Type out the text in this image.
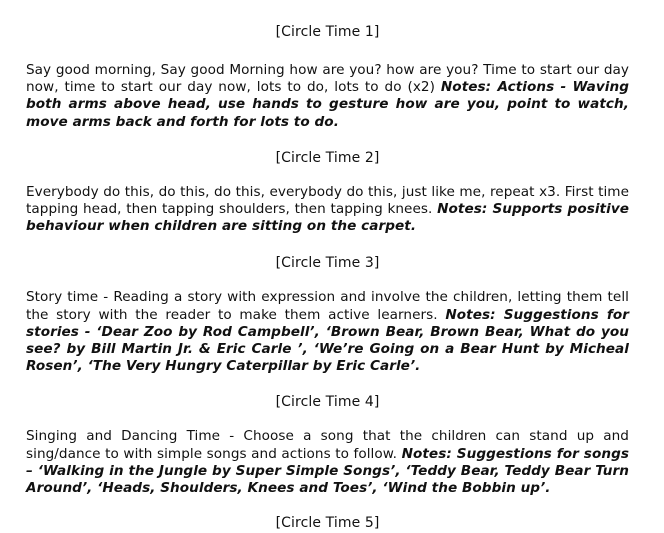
[Circle Time 1]

Say good morning, Say good Morning how are you? how are you? Time to start our day now, time to start our day now, lots to do, lots to do (x2) Notes: Actions - Waving both arms above head, use hands to gesture how are you, point to watch, move arms back and forth for lots to do.

[Circle Time 2]

Everybody do this, do this, do this, everybody do this, just like me, repeat x3. First time tapping head, then tapping shoulders, then tapping knees. Notes: Supports positive behaviour when children are sitting on the carpet.

[Circle Time 3]

Story time - Reading a story with expression and involve the children, letting them tell the story with the reader to make them active learners. Notes: Suggestions for stories - ‘Dear Zoo by Rod Campbell’, ‘Brown Bear, Brown Bear, What do you see? by Bill Martin Jr. & Eric Carle ’, ‘We’re Going on a Bear Hunt by Micheal Rosen’, ‘The Very Hungry Caterpillar by Eric Carle’.

[Circle Time 4]

Singing and Dancing Time - Choose a song that the children can stand up and sing/dance to with simple songs and actions to follow. Notes: Suggestions for songs – ‘Walking in the Jungle by Super Simple Songs’, ‘Teddy Bear, Teddy Bear Turn Around’, ‘Heads, Shoulders, Knees and Toes’, ‘Wind the Bobbin up’.

[Circle Time 5]
